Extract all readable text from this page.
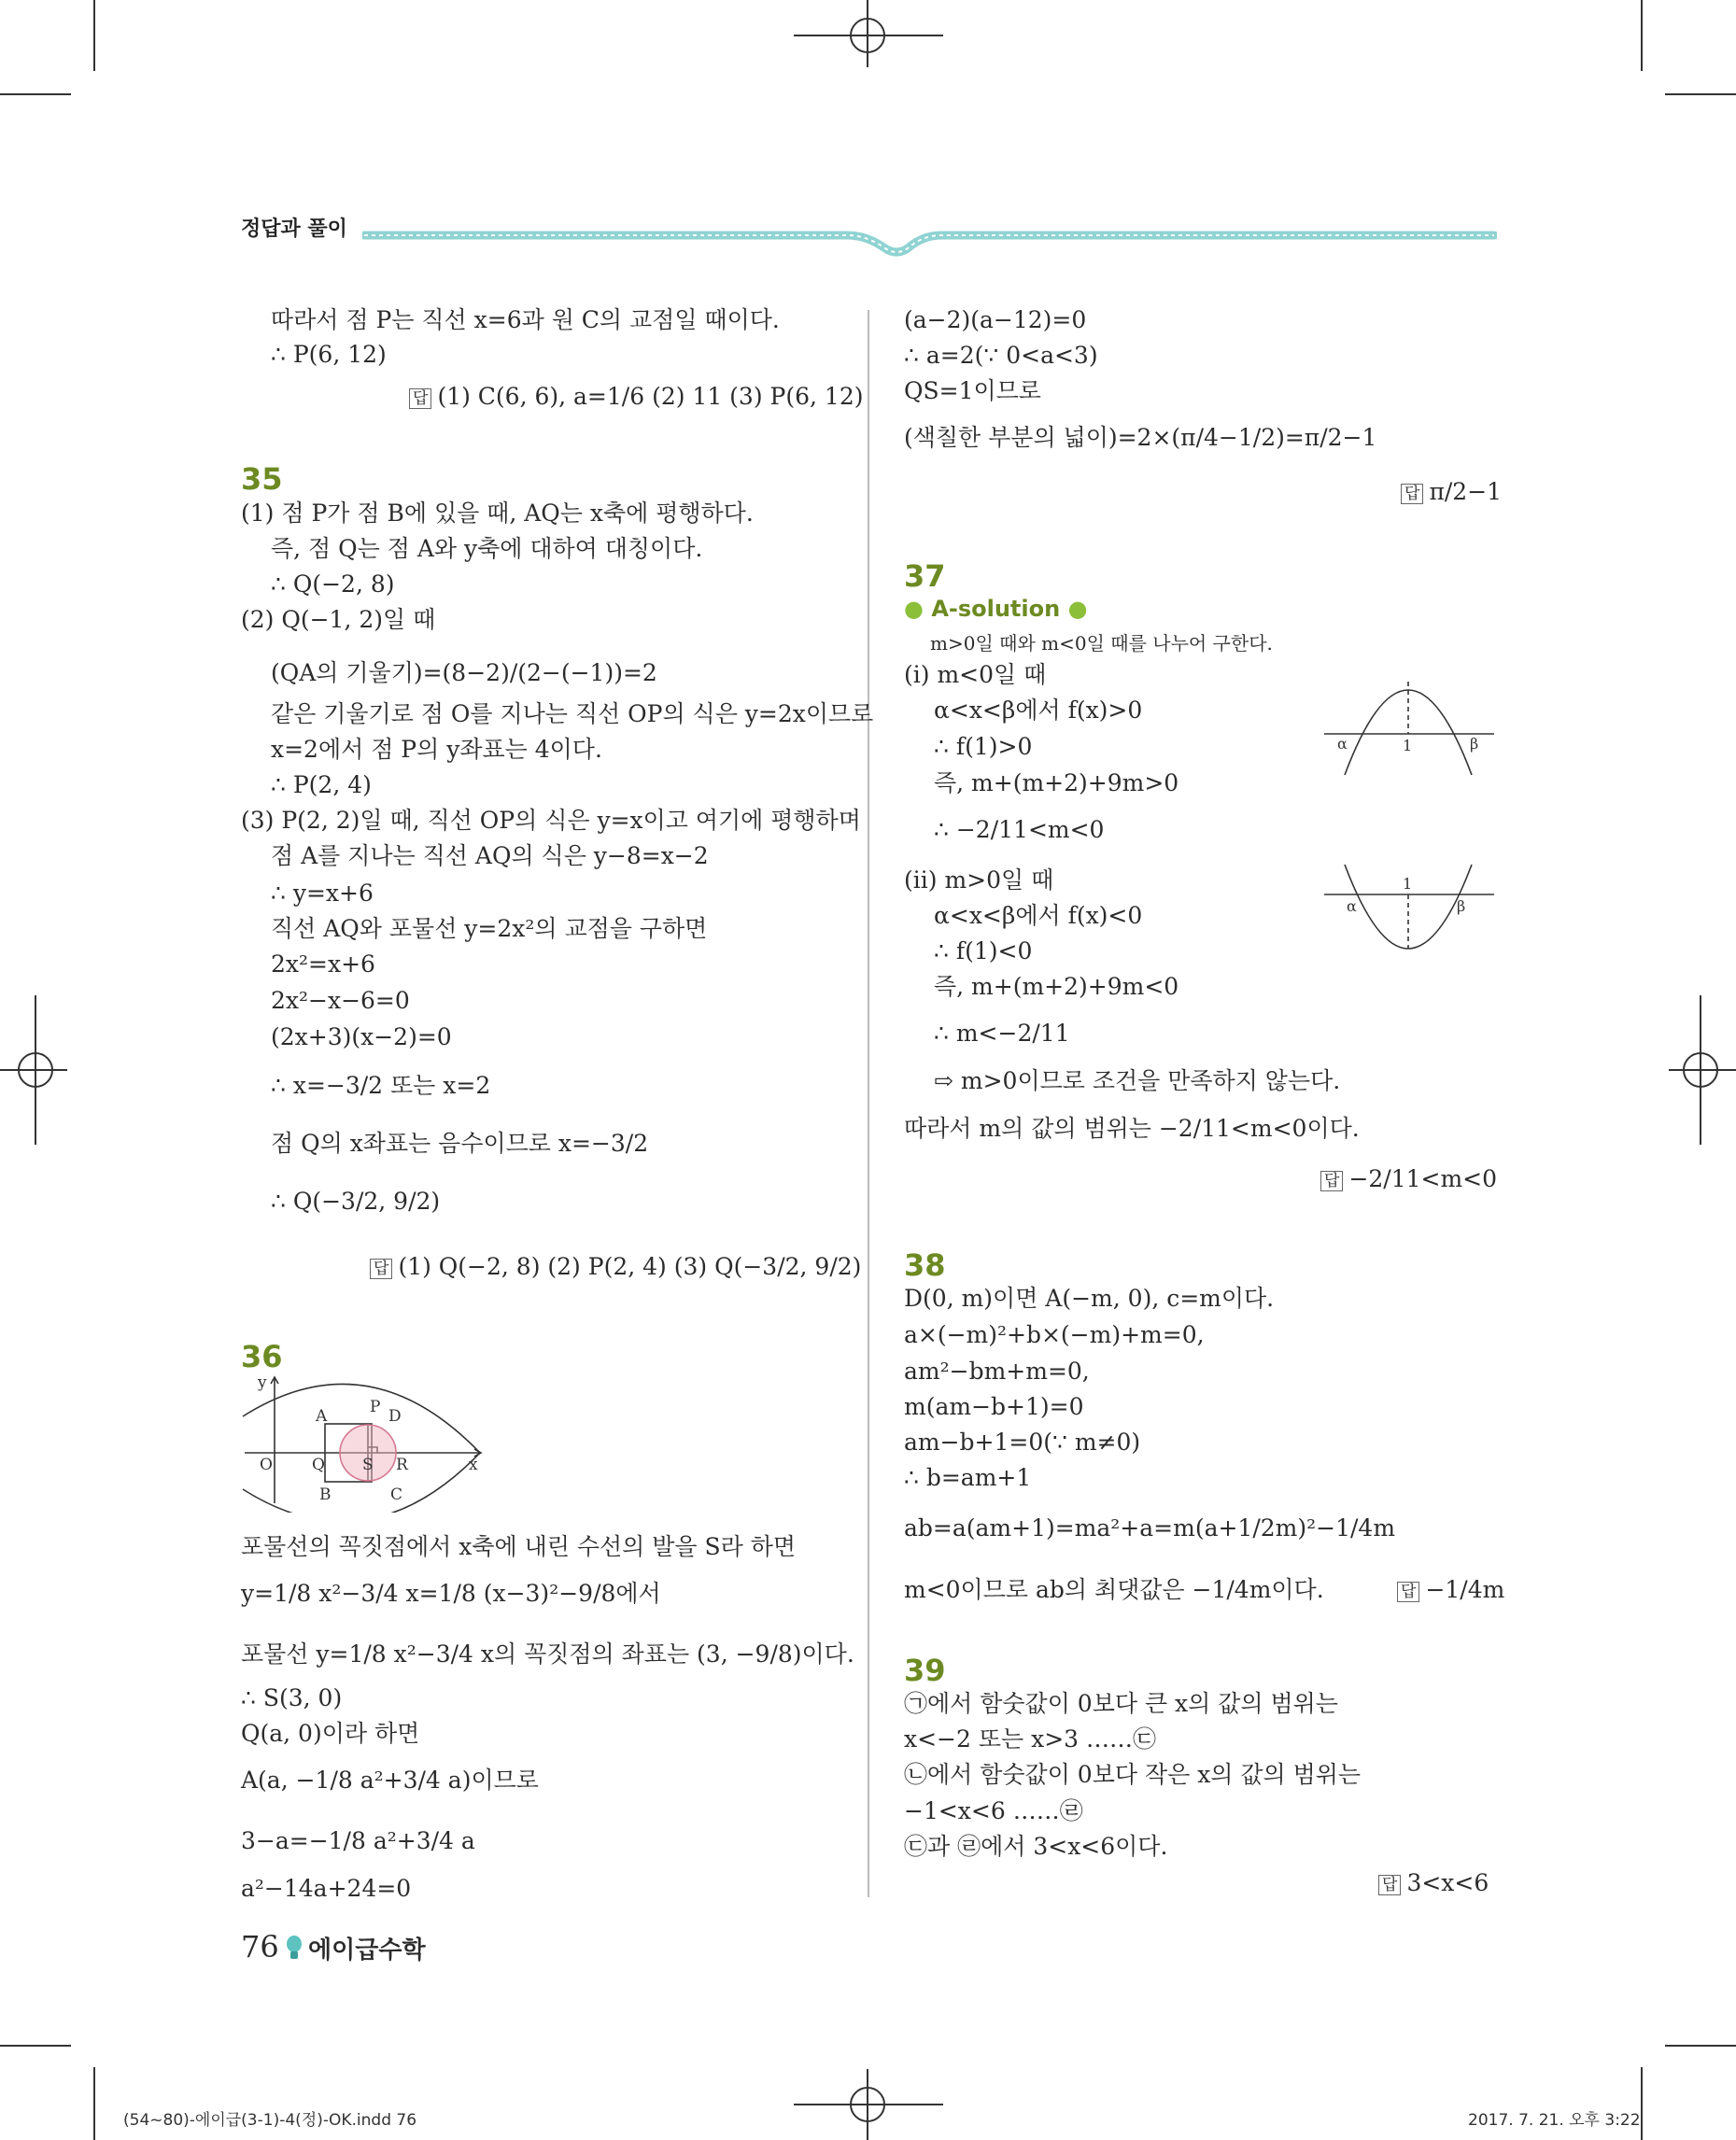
정답과 풀이
따라서 점 P는 직선 x=6과 원 C의 교점일 때이다.
∴ P(6, 12)
답 (1) C(6, 6), a=1/6 (2) 11 (3) P(6, 12)
35
(1) 점 P가 점 B에 있을 때, AQ는 x축에 평행하다.
즉, 점 Q는 점 A와 y축에 대하여 대칭이다.
∴ Q(−2, 8)
(2) Q(−1, 2)일 때
(QA의 기울기)=(8−2)/(2−(−1))=2
같은 기울기로 점 O를 지나는 직선 OP의 식은 y=2x이므로
x=2에서 점 P의 y좌표는 4이다.
∴ P(2, 4)
(3) P(2, 2)일 때, 직선 OP의 식은 y=x이고 여기에 평행하며
점 A를 지나는 직선 AQ의 식은 y−8=x−2
∴ y=x+6
직선 AQ와 포물선 y=2x²의 교점을 구하면
2x²=x+6
2x²−x−6=0
(2x+3)(x−2)=0
∴ x=−3/2 또는 x=2
점 Q의 x좌표는 음수이므로 x=−3/2
∴ Q(−3/2, 9/2)
답 (1) Q(−2, 8) (2) P(2, 4) (3) Q(−3/2, 9/2)
36
y
x
O
A	P D
Q S R
B	C
포물선의 꼭짓점에서 x축에 내린 수선의 발을 S라 하면
y=1/8 x²−3/4 x=1/8 (x−3)²−9/8에서
포물선 y=1/8 x²−3/4 x의 꼭짓점의 좌표는 (3, −9/8)이다.
∴ S(3, 0)
Q(a, 0)이라 하면
A(a, −1/8 a²+3/4 a)이므로
3−a=−1/8 a²+3/4 a
a²−14a+24=0
(a−2)(a−12)=0
∴ a=2(∵ 0<a<3)
QS=1이므로
(색칠한 부분의 넓이)=2×(π/4−1/2)=π/2−1
답 π/2−1
37
● A-solution ●
m>0일 때와 m<0일 때를 나누어 구한다.
(i) m<0일 때
α<x<β에서 f(x)>0
∴ f(1)>0
즉, m+(m+2)+9m>0
∴ −2/11<m<0
(ii) m>0일 때
α<x<β에서 f(x)<0
∴ f(1)<0
즉, m+(m+2)+9m<0
∴ m<−2/11
⇨ m>0이므로 조건을 만족하지 않는다.
따라서 m의 값의 범위는 −2/11<m<0이다.
답 −2/11<m<0
α	1	β
α
1
β
38
D(0, m)이면 A(−m, 0), c=m이다.
a×(−m)²+b×(−m)+m=0,
am²−bm+m=0,
m(am−b+1)=0
am−b+1=0(∵ m≠0)
∴ b=am+1
ab=a(am+1)=ma²+a=m(a+1/2m)²−1/4m
m<0이므로 ab의 최댓값은 −1/4m이다.	답 −1/4m
39
㉠에서 함숫값이 0보다 큰 x의 값의 범위는
x<−2 또는 x>3 ……㉢
㉡에서 함숫값이 0보다 작은 x의 값의 범위는
−1<x<6 ……㉣
㉢과 ㉣에서 3<x<6이다.
답 3<x<6
76 에이급수학
(54~80)-에이급(3-1)-4(정)-OK.indd 76	2017. 7. 21. 오후 3:22
